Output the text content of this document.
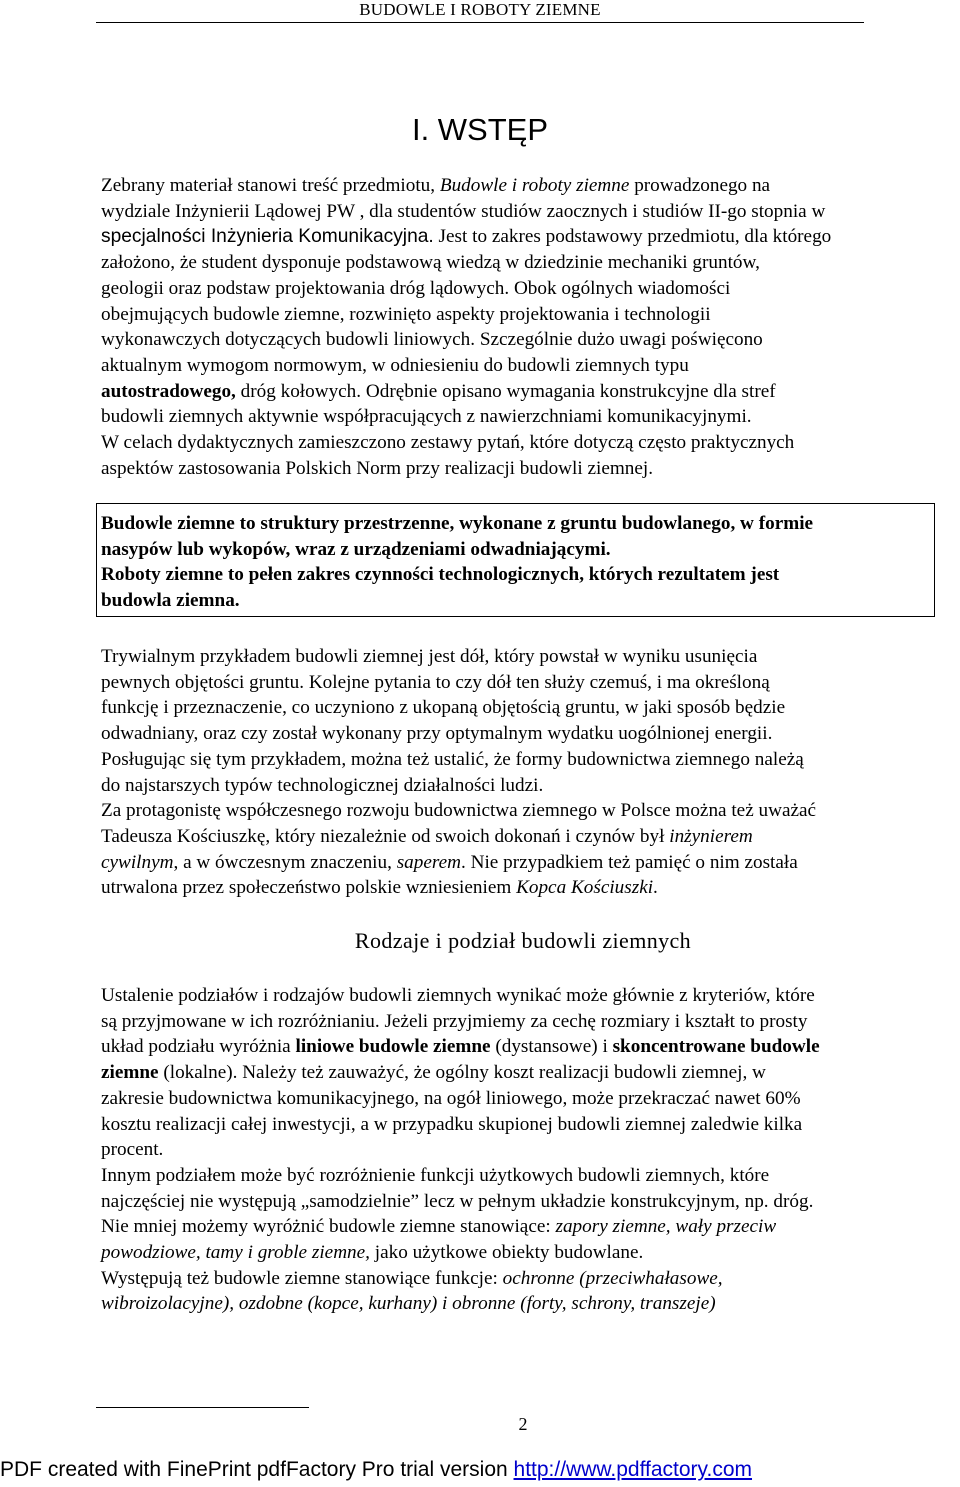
BUDOWLE I ROBOTY ZIEMNE
I. WSTĘP
Zebrany materiał stanowi treść przedmiotu, Budowle i roboty ziemne prowadzonego na
wydziale Inżynierii Lądowej PW , dla studentów studiów zaocznych i studiów II-go stopnia w
specjalności Inżynieria Komunikacyjna. Jest to zakres podstawowy przedmiotu, dla którego
założono, że student dysponuje podstawową wiedzą w dziedzinie mechaniki gruntów,
geologii oraz podstaw projektowania dróg lądowych. Obok ogólnych wiadomości
obejmujących budowle ziemne, rozwinięto aspekty projektowania i technologii
wykonawczych dotyczących budowli liniowych. Szczególnie dużo uwagi poświęcono
aktualnym wymogom normowym, w odniesieniu do budowli ziemnych typu
autostradowego, dróg kołowych. Odrębnie opisano wymagania konstrukcyjne dla stref
budowli ziemnych aktywnie współpracujących z nawierzchniami komunikacyjnymi.
W celach dydaktycznych zamieszczono zestawy pytań, które dotyczą często praktycznych
aspektów zastosowania Polskich Norm przy realizacji budowli ziemnej.
Budowle ziemne to struktury przestrzenne, wykonane z gruntu budowlanego, w formie
nasypów lub wykopów, wraz z urządzeniami odwadniającymi.
Roboty ziemne to pełen zakres czynności technologicznych, których rezultatem jest
budowla ziemna.
Trywialnym przykładem budowli ziemnej jest dół, który powstał w wyniku usunięcia
pewnych objętości gruntu. Kolejne pytania to czy dół ten służy czemuś, i ma określoną
funkcję i przeznaczenie, co uczyniono z ukopaną objętością gruntu, w jaki sposób będzie
odwadniany, oraz czy został wykonany przy optymalnym wydatku uogólnionej energii.
Posługując się tym przykładem, można też ustalić, że formy budownictwa ziemnego należą
do najstarszych typów technologicznej działalności ludzi.
Za protagonistę współczesnego rozwoju budownictwa ziemnego w Polsce można też uważać
Tadeusza Kościuszkę, który niezależnie od swoich dokonań i czynów był inżynierem
cywilnym, a w ówczesnym znaczeniu, saperem. Nie przypadkiem też pamięć o nim została
utrwalona przez społeczeństwo polskie wzniesieniem Kopca Kościuszki.
Rodzaje i podział budowli ziemnych
Ustalenie podziałów i rodzajów budowli ziemnych wynikać może głównie z kryteriów, które
są przyjmowane w ich rozróżnianiu. Jeżeli przyjmiemy za cechę rozmiary i kształt to prosty
układ podziału wyróżnia liniowe budowle ziemne (dystansowe) i skoncentrowane budowle
ziemne (lokalne). Należy też zauważyć, że ogólny koszt realizacji budowli ziemnej, w
zakresie budownictwa komunikacyjnego, na ogół liniowego, może przekraczać nawet 60%
kosztu realizacji całej inwestycji, a w przypadku skupionej budowli ziemnej zaledwie kilka
procent.
Innym podziałem może być rozróżnienie funkcji użytkowych budowli ziemnych, które
najczęściej nie występują „samodzielnie” lecz w pełnym układzie konstrukcyjnym, np. dróg.
Nie mniej możemy wyróżnić budowle ziemne stanowiące: zapory ziemne, wały przeciw
powodziowe, tamy i groble ziemne, jako użytkowe obiekty budowlane.
Występują też budowle ziemne stanowiące funkcje: ochronne (przeciwhałasowe,
wibroizolacyjne), ozdobne (kopce, kurhany) i obronne (forty, schrony, transzeje)
2
PDF created with FinePrint pdfFactory Pro trial version http://www.pdffactory.com
